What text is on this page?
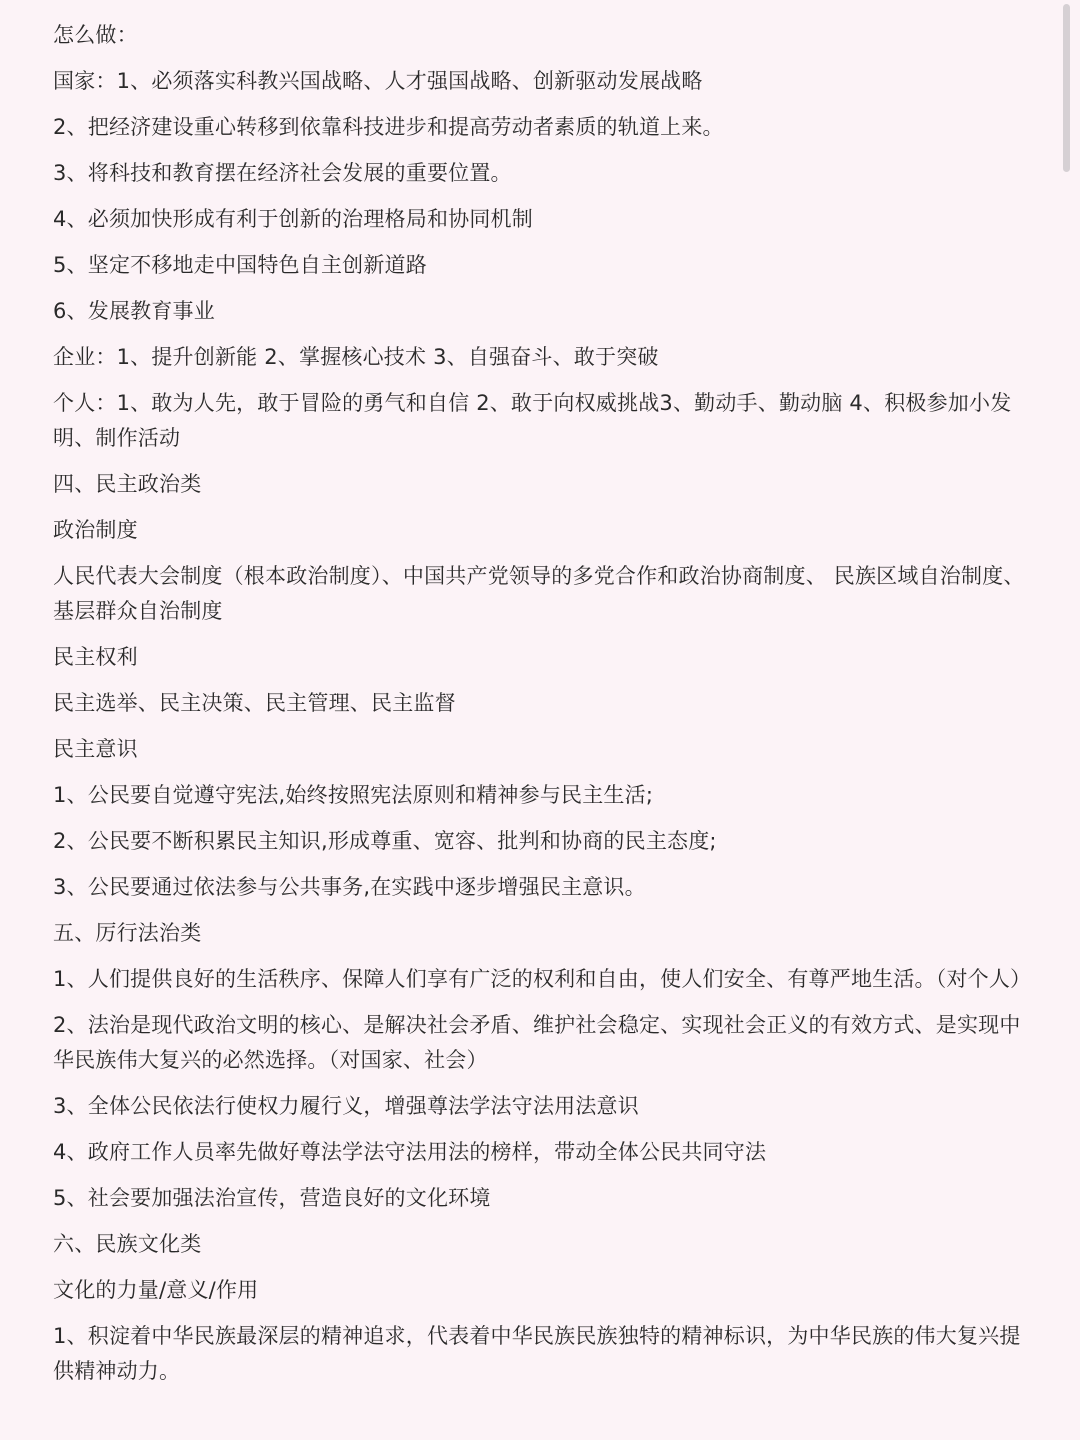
怎么做：

国家：1、必须落实科教兴国战略、人才强国战略、创新驱动发展战略

2、把经济建设重心转移到依靠科技进步和提高劳动者素质的轨道上来。

3、将科技和教育摆在经济社会发展的重要位置。

4、必须加快形成有利于创新的治理格局和协同机制

5、坚定不移地走中国特色自主创新道路

6、发展教育事业

企业：1、提升创新能 2、掌握核心技术 3、自强奋斗、敢于突破

个人：1、敢为人先，敢于冒险的勇气和自信 2、敢于向权威挑战3、勤动手、勤动脑 4、积极参加小发明、制作活动

四、民主政治类

政治制度

人民代表大会制度（根本政治制度）、中国共产党领导的多党合作和政治协商制度、 民族区域自治制度、基层群众自治制度

民主权利

民主选举、民主决策、民主管理、民主监督

民主意识

1、公民要自觉遵守宪法,始终按照宪法原则和精神参与民主生活;

2、公民要不断积累民主知识,形成尊重、宽容、批判和协商的民主态度;

3、公民要通过依法参与公共事务,在实践中逐步增强民主意识。

五、厉行法治类

1、人们提供良好的生活秩序、保障人们享有广泛的权利和自由，使人们安全、有尊严地生活。（对个人）

2、法治是现代政治文明的核心、是解决社会矛盾、维护社会稳定、实现社会正义的有效方式、是实现中华民族伟大复兴的必然选择。（对国家、社会）

3、全体公民依法行使权力履行义，增强尊法学法守法用法意识

4、政府工作人员率先做好尊法学法守法用法的榜样，带动全体公民共同守法

5、社会要加强法治宣传，营造良好的文化环境

六、民族文化类

文化的力量/意义/作用

1、积淀着中华民族最深层的精神追求，代表着中华民族民族独特的精神标识，为中华民族的伟大复兴提供精神动力。
